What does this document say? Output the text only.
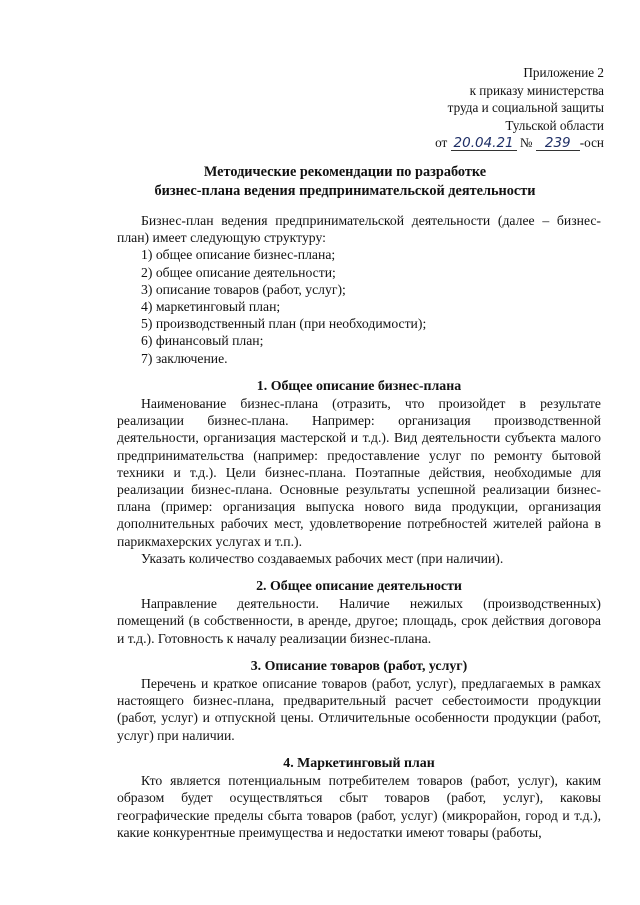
Приложение 2
к приказу министерства
труда и социальной защиты
Тульской области
от 20.04.21 № 239 -осн
Методические рекомендации по разработке
бизнес-плана ведения предпринимательской деятельности

Бизнес-план ведения предпринимательской деятельности (далее – бизнес-план) имеет следующую структуру:

1) общее описание бизнес-плана;
2) общее описание деятельности;
3) описание товаров (работ, услуг);
4) маркетинговый план;
5) производственный план (при необходимости);
6) финансовый план;
7) заключение.
1. Общее описание бизнес-плана

Наименование бизнес-плана (отразить, что произойдет в результате реализации бизнес-плана. Например: организация производственной деятельности, организация мастерской и т.д.). Вид деятельности субъекта малого предпринимательства (например: предоставление услуг по ремонту бытовой техники и т.д.). Цели бизнес-плана. Поэтапные действия, необходимые для реализации бизнес-плана. Основные результаты успешной реализации бизнес-плана (пример: организация выпуска нового вида продукции, организация дополнительных рабочих мест, удовлетворение потребностей жителей района в парикмахерских услугах и т.п.).

Указать количество создаваемых рабочих мест (при наличии).

2. Общее описание деятельности

Направление деятельности. Наличие нежилых (производственных) помещений (в собственности, в аренде, другое; площадь, срок действия договора и т.д.). Готовность к началу реализации бизнес-плана.

3. Описание товаров (работ, услуг)

Перечень и краткое описание товаров (работ, услуг), предлагаемых в рамках настоящего бизнес-плана, предварительный расчет себестоимости продукции (работ, услуг) и отпускной цены. Отличительные особенности продукции (работ, услуг) при наличии.

4. Маркетинговый план

Кто является потенциальным потребителем товаров (работ, услуг), каким образом будет осуществляться сбыт товаров (работ, услуг), каковы географические пределы сбыта товаров (работ, услуг) (микрорайон, город и т.д.), какие конкурентные преимущества и недостатки имеют товары (работы,
